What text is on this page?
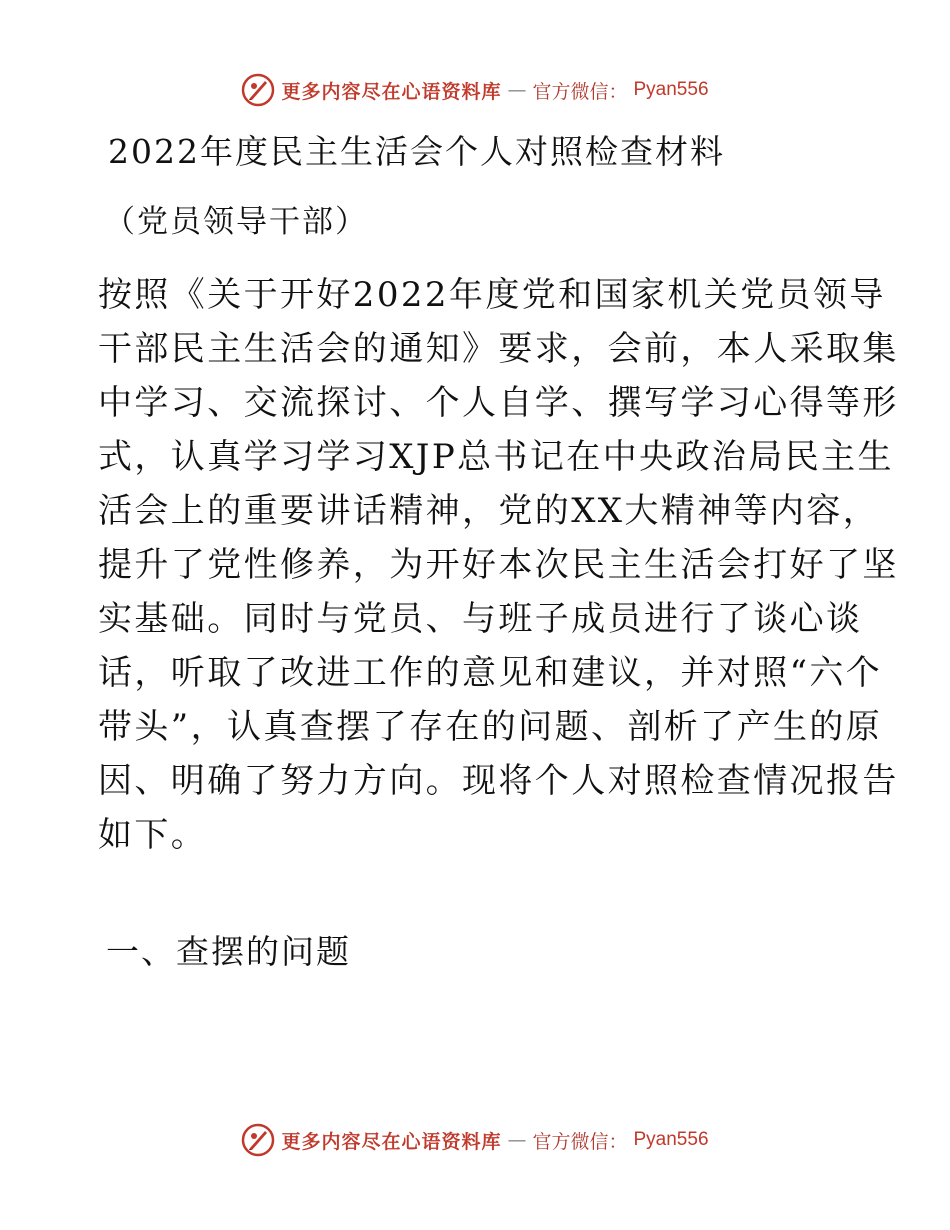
更多内容尽在心语资料库 — 官方微信： Pyan556
2022年度民主生活会个人对照检查材料
（党员领导干部）
按照《关于开好2022年度党和国家机关党员领导
干部民主生活会的通知》要求，会前，本人采取集
中学习、交流探讨、个人自学、撰写学习心得等形
式，认真学习学习XJP总书记在中央政治局民主生
活会上的重要讲话精神，党的XX大精神等内容，
提升了党性修养，为开好本次民主生活会打好了坚
实基础。同时与党员、与班子成员进行了谈心谈
话，听取了改进工作的意见和建议，并对照“六个
带头”，认真查摆了存在的问题、剖析了产生的原
因、明确了努力方向。现将个人对照检查情况报告
如下。
一、查摆的问题
更多内容尽在心语资料库 — 官方微信： Pyan556
